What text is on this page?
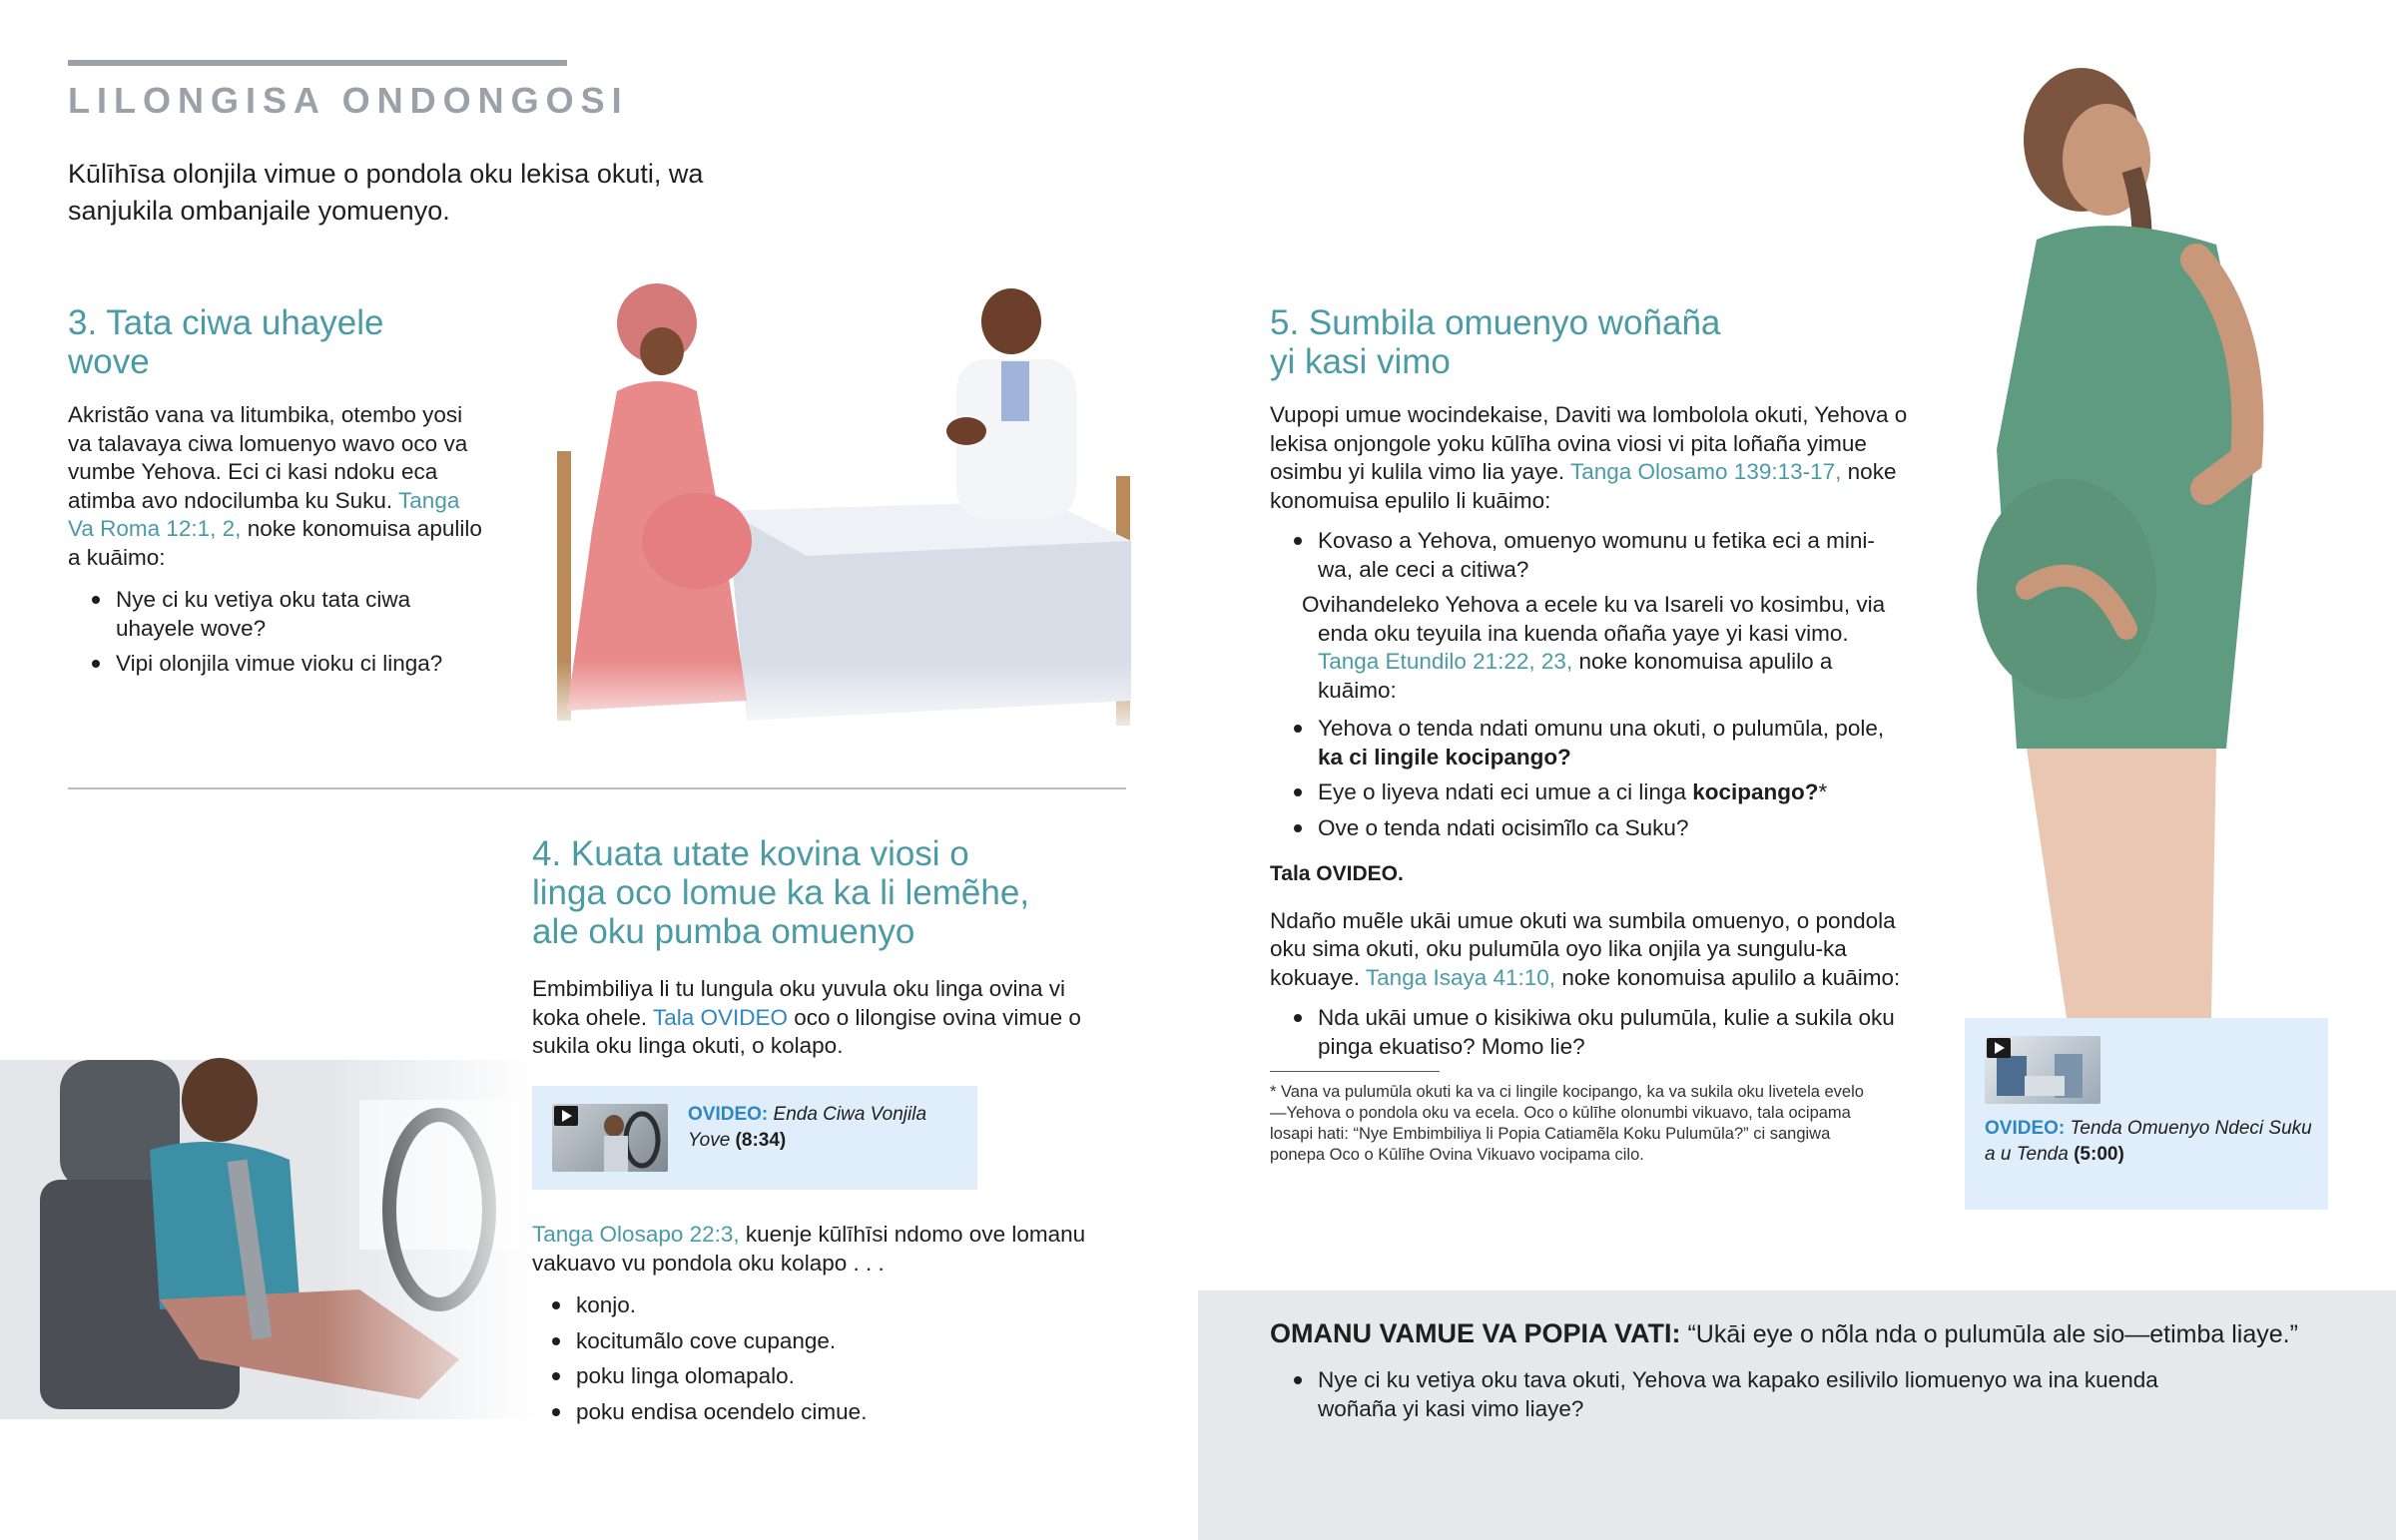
LILONGISA ONDONGOSI
Kūlīhīsa olonjila vimue o pondola oku lekisa okuti, wa sanjukila ombanjaile yomuenyo.
3. Tata ciwa uhayele
wove
Akristão vana va litumbika, otembo yosi va talavaya ciwa lomuenyo wavo oco va vumbe Yehova. Eci ci kasi ndoku eca atimba avo ndocilumba ku Suku. Tanga Va Roma 12:1, 2, noke konomuisa apulilo a kuāimo:
Nye ci ku vetiya oku tata ciwa uhayele wove?
Vipi olonjila vimue vioku ci linga?
4. Kuata utate kovina viosi o
linga oco lomue ka ka li lemẽhe,
ale oku pumba omuenyo
Embimbiliya li tu lungula oku yuvula oku linga ovina vi koka ohele. Tala OVIDEO oco o lilongise ovina vimue o sukila oku linga okuti, o kolapo.
OVIDEO: Enda Ciwa Vonjila Yove (8:34)
Tanga Olosapo 22:3, kuenje kūlīhīsi ndomo ove lomanu vakuavo vu pondola oku kolapo . . .
konjo.
kocitumãlo cove cupange.
poku linga olomapalo.
poku endisa ocendelo cimue.
5. Sumbila omuenyo woñaña
yi kasi vimo
Vupopi umue wocindekaise, Daviti wa lombolola okuti, Yehova o lekisa onjongole yoku kūlīha ovina viosi vi pita loñaña yimue osimbu yi kulila vimo lia yaye. Tanga Olosamo 139:13-17, noke konomuisa epulilo li kuāimo:
Kovaso a Yehova, omuenyo womunu u fetika eci a mini-wa, ale ceci a citiwa?
Ovihandeleko Yehova a ecele ku va Isareli vo kosimbu, via enda oku teyuila ina kuenda oñaña yaye yi kasi vimo. Tanga Etundilo 21:22, 23, noke konomuisa apulilo a kuāimo:
Yehova o tenda ndati omunu una okuti, o pulumūla, pole, ka ci lingile kocipango?
Eye o liyeva ndati eci umue a ci linga kocipango?*
Ove o tenda ndati ocisimĩlo ca Suku?
Tala OVIDEO.
Ndaño muẽle ukāi umue okuti wa sumbila omuenyo, o pondola oku sima okuti, oku pulumūla oyo lika onjila ya sungulu-ka kokuaye. Tanga Isaya 41:10, noke konomuisa apulilo a kuāimo:
Nda ukāi umue o kisikiwa oku pulumūla, kulie a sukila oku pinga ekuatiso? Momo lie?
* Vana va pulumūla okuti ka va ci lingile kocipango, ka va sukila oku livetela evelo—Yehova o pondola oku va ecela. Oco o kūlīhe olonumbi vikuavo, tala ocipama losapi hati: “Nye Embimbiliya li Popia Catiamẽla Koku Pulumūla?” ci sangiwa ponepa Oco o Kūlīhe Ovina Vikuavo vocipama cilo.
OVIDEO: Tenda Omuenyo Ndeci Suku a u Tenda (5:00)
OMANU VAMUE VA POPIA VATI: “Ukāi eye o nõla nda o pulumūla ale sio—etimba liaye.”
Nye ci ku vetiya oku tava okuti, Yehova wa kapako esilivilo liomuenyo wa ina kuenda woñaña yi kasi vimo liaye?
